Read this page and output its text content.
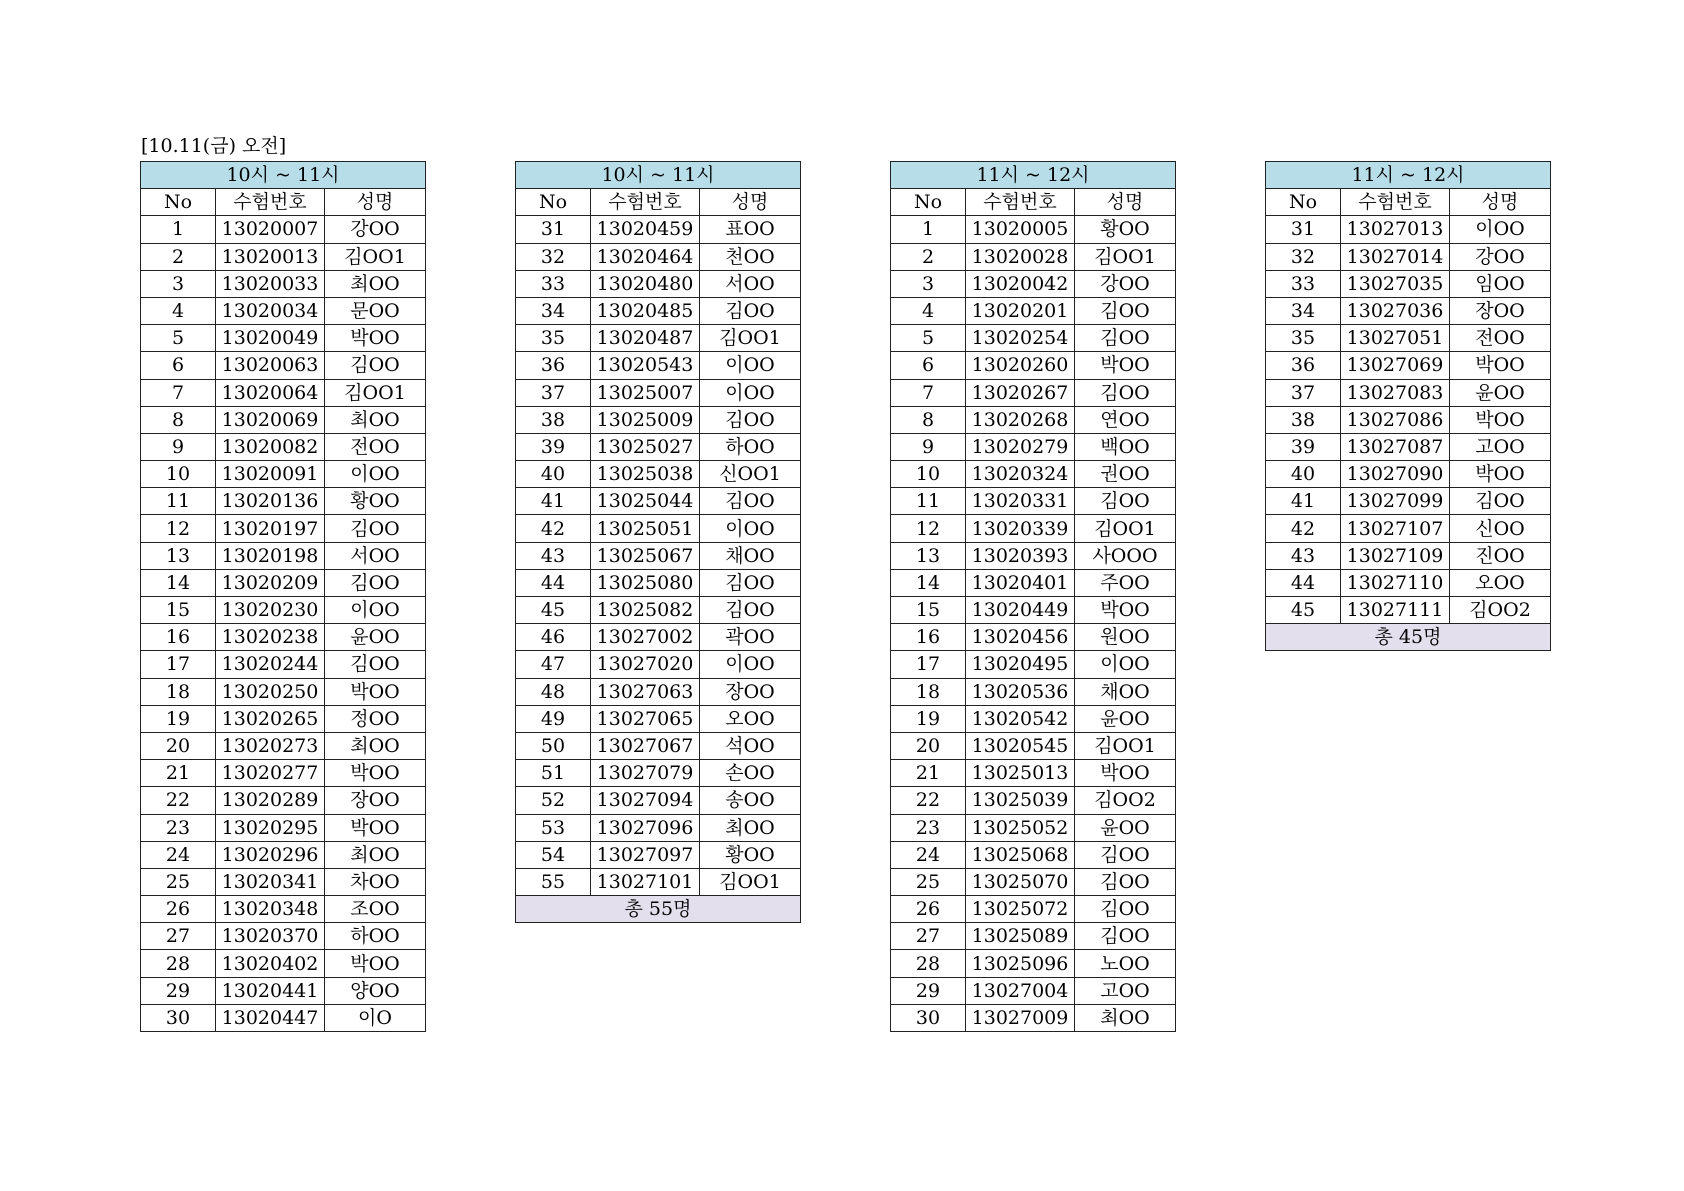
[10.11(금) 오전]
10시 ~ 11시		
No	수험번호	성명
1	13020007	강OO
2	13020013	김OO1
3	13020033	최OO
4	13020034	문OO
5	13020049	박OO
6	13020063	김OO
7	13020064	김OO1
8	13020069	최OO
9	13020082	전OO
10	13020091	이OO
11	13020136	황OO
12	13020197	김OO
13	13020198	서OO
14	13020209	김OO
15	13020230	이OO
16	13020238	윤OO
17	13020244	김OO
18	13020250	박OO
19	13020265	정OO
20	13020273	최OO
21	13020277	박OO
22	13020289	장OO
23	13020295	박OO
24	13020296	최OO
25	13020341	차OO
26	13020348	조OO
27	13020370	하OO
28	13020402	박OO
29	13020441	양OO
30	13020447	이O
10시 ~ 11시		
No	수험번호	성명
31	13020459	표OO
32	13020464	천OO
33	13020480	서OO
34	13020485	김OO
35	13020487	김OO1
36	13020543	이OO
37	13025007	이OO
38	13025009	김OO
39	13025027	하OO
40	13025038	신OO1
41	13025044	김OO
42	13025051	이OO
43	13025067	채OO
44	13025080	김OO
45	13025082	김OO
46	13027002	곽OO
47	13027020	이OO
48	13027063	장OO
49	13027065	오OO
50	13027067	석OO
51	13027079	손OO
52	13027094	송OO
53	13027096	최OO
54	13027097	황OO
55	13027101	김OO1
총 55명		
11시 ~ 12시		
No	수험번호	성명
1	13020005	황OO
2	13020028	김OO1
3	13020042	강OO
4	13020201	김OO
5	13020254	김OO
6	13020260	박OO
7	13020267	김OO
8	13020268	연OO
9	13020279	백OO
10	13020324	권OO
11	13020331	김OO
12	13020339	김OO1
13	13020393	사OOO
14	13020401	주OO
15	13020449	박OO
16	13020456	원OO
17	13020495	이OO
18	13020536	채OO
19	13020542	윤OO
20	13020545	김OO1
21	13025013	박OO
22	13025039	김OO2
23	13025052	윤OO
24	13025068	김OO
25	13025070	김OO
26	13025072	김OO
27	13025089	김OO
28	13025096	노OO
29	13027004	고OO
30	13027009	최OO
11시 ~ 12시		
No	수험번호	성명
31	13027013	이OO
32	13027014	강OO
33	13027035	임OO
34	13027036	장OO
35	13027051	전OO
36	13027069	박OO
37	13027083	윤OO
38	13027086	박OO
39	13027087	고OO
40	13027090	박OO
41	13027099	김OO
42	13027107	신OO
43	13027109	진OO
44	13027110	오OO
45	13027111	김OO2
총 45명		
